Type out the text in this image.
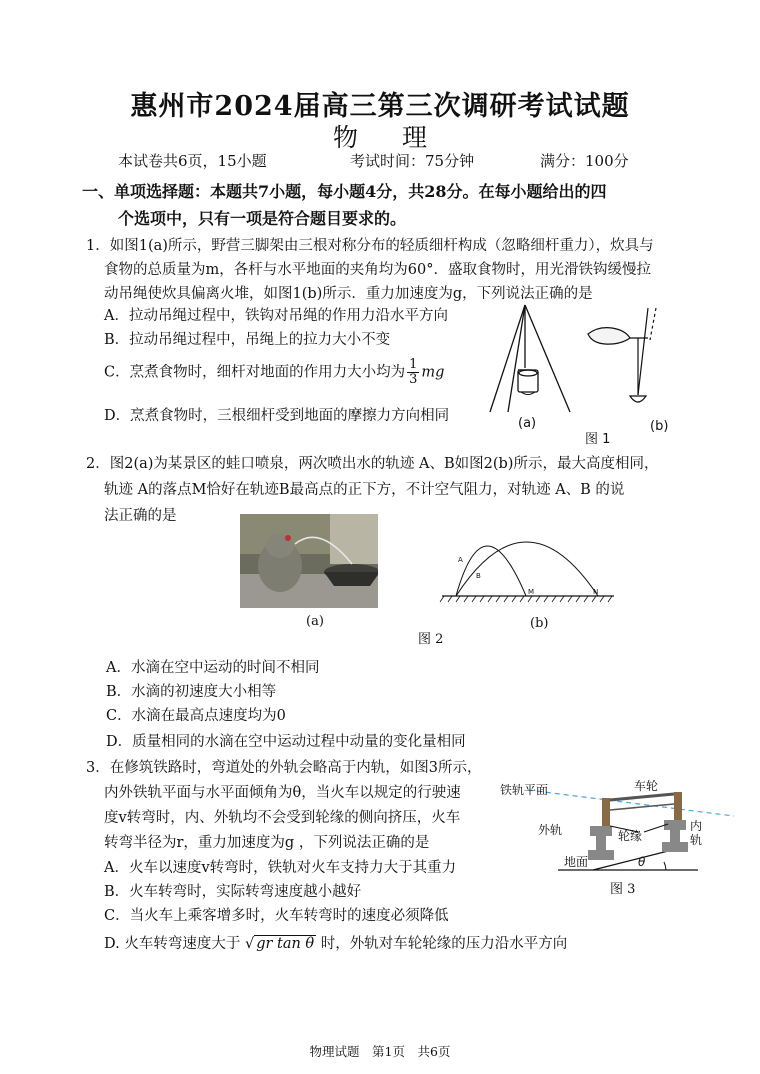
惠州市2024届高三第三次调研考试试题
物 理
本试卷共6页，15小题	考试时间：75分钟	满分：100分
一、单项选择题：本题共7小题，每小题4分，共28分。在每小题给出的四
个选项中，只有一项是符合题目要求的。
1．如图1(a)所示，野营三脚架由三根对称分布的轻质细杆构成（忽略细杆重力），炊具与
食物的总质量为m，各杆与水平地面的夹角均为60°．盛取食物时，用光滑铁钩缓慢拉
动吊绳使炊具偏离火堆，如图1(b)所示．重力加速度为g，下列说法正确的是
A．拉动吊绳过程中，铁钩对吊绳的作用力沿水平方向
B．拉动吊绳过程中，吊绳上的拉力大小不变
C．烹煮食物时，细杆对地面的作用力大小均为 $\frac{1}{3}$ mg
D．烹煮食物时，三根细杆受到地面的摩擦力方向相同	(a)	(b)
图 1
2．图2(a)为某景区的蛙口喷泉，两次喷出水的轨迹 A、B如图2(b)所示，最大高度相同，
轨迹 A的落点M恰好在轨迹B最高点的正下方，不计空气阻力，对轨迹 A、B 的说
法正确的是
(a)
A
B
M	N
(b)
图 2
A．水滴在空中运动的时间不相同
B．水滴的初速度大小相等
C．水滴在最高点速度均为0
D．质量相同的水滴在空中运动过程中动量的变化量相同
3．在修筑铁路时，弯道处的外轨会略高于内轨，如图3所示，
内外铁轨平面与水平面倾角为θ，当火车以规定的行驶速
度v转弯时，内、外轨均不会受到轮缘的侧向挤压，火车
转弯半径为r，重力加速度为g ，下列说法正确的是
A．火车以速度v转弯时，铁轨对火车支持力大于其重力
B．火车转弯时，实际转弯速度越小越好
C．当火车上乘客增多时，火车转弯时的速度必须降低
D. 火车转弯速度大于 √ gr tan θ 时，外轨对车轮轮缘的压力沿水平方向
铁轨平面	车轮
外轨	轮缘
内
轨
地面	θ
图 3
物理试题　第1页　共6页
